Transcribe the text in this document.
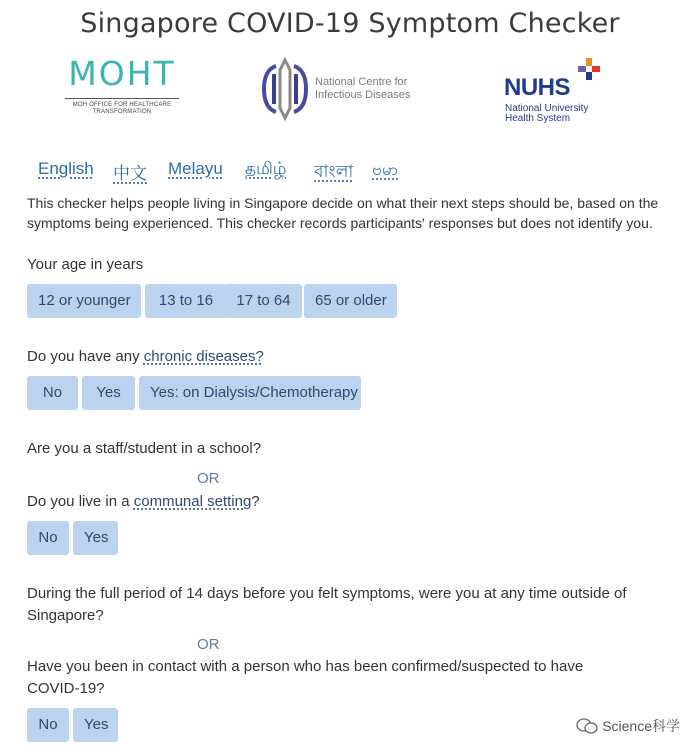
Singapore COVID-19 Symptom Checker
MOHT
MOH OFFICE FOR HEALTHCARE
TRANSFORMATION
National Centre for
Infectious Diseases	NUHS
National University
Health System
English 中文 Melayu தமிழ் বাংলা ဗမာ
This checker helps people living in Singapore decide on what their next steps should be, based on the symptoms being experienced. This checker records participants' responses but does not identify you.
Your age in years
12 or younger	13 to 16	17 to 64	65 or older
Do you have any chronic diseases?
No	Yes	Yes: on Dialysis/Chemotherapy
Are you a staff/student in a school?
OR
Do you live in a communal setting?
No	Yes
During the full period of 14 days before you felt symptoms, were you at any time outside of
Singapore?
OR
Have you been in contact with a person who has been confirmed/suspected to have
COVID-19?
No	Yes	Science科学
